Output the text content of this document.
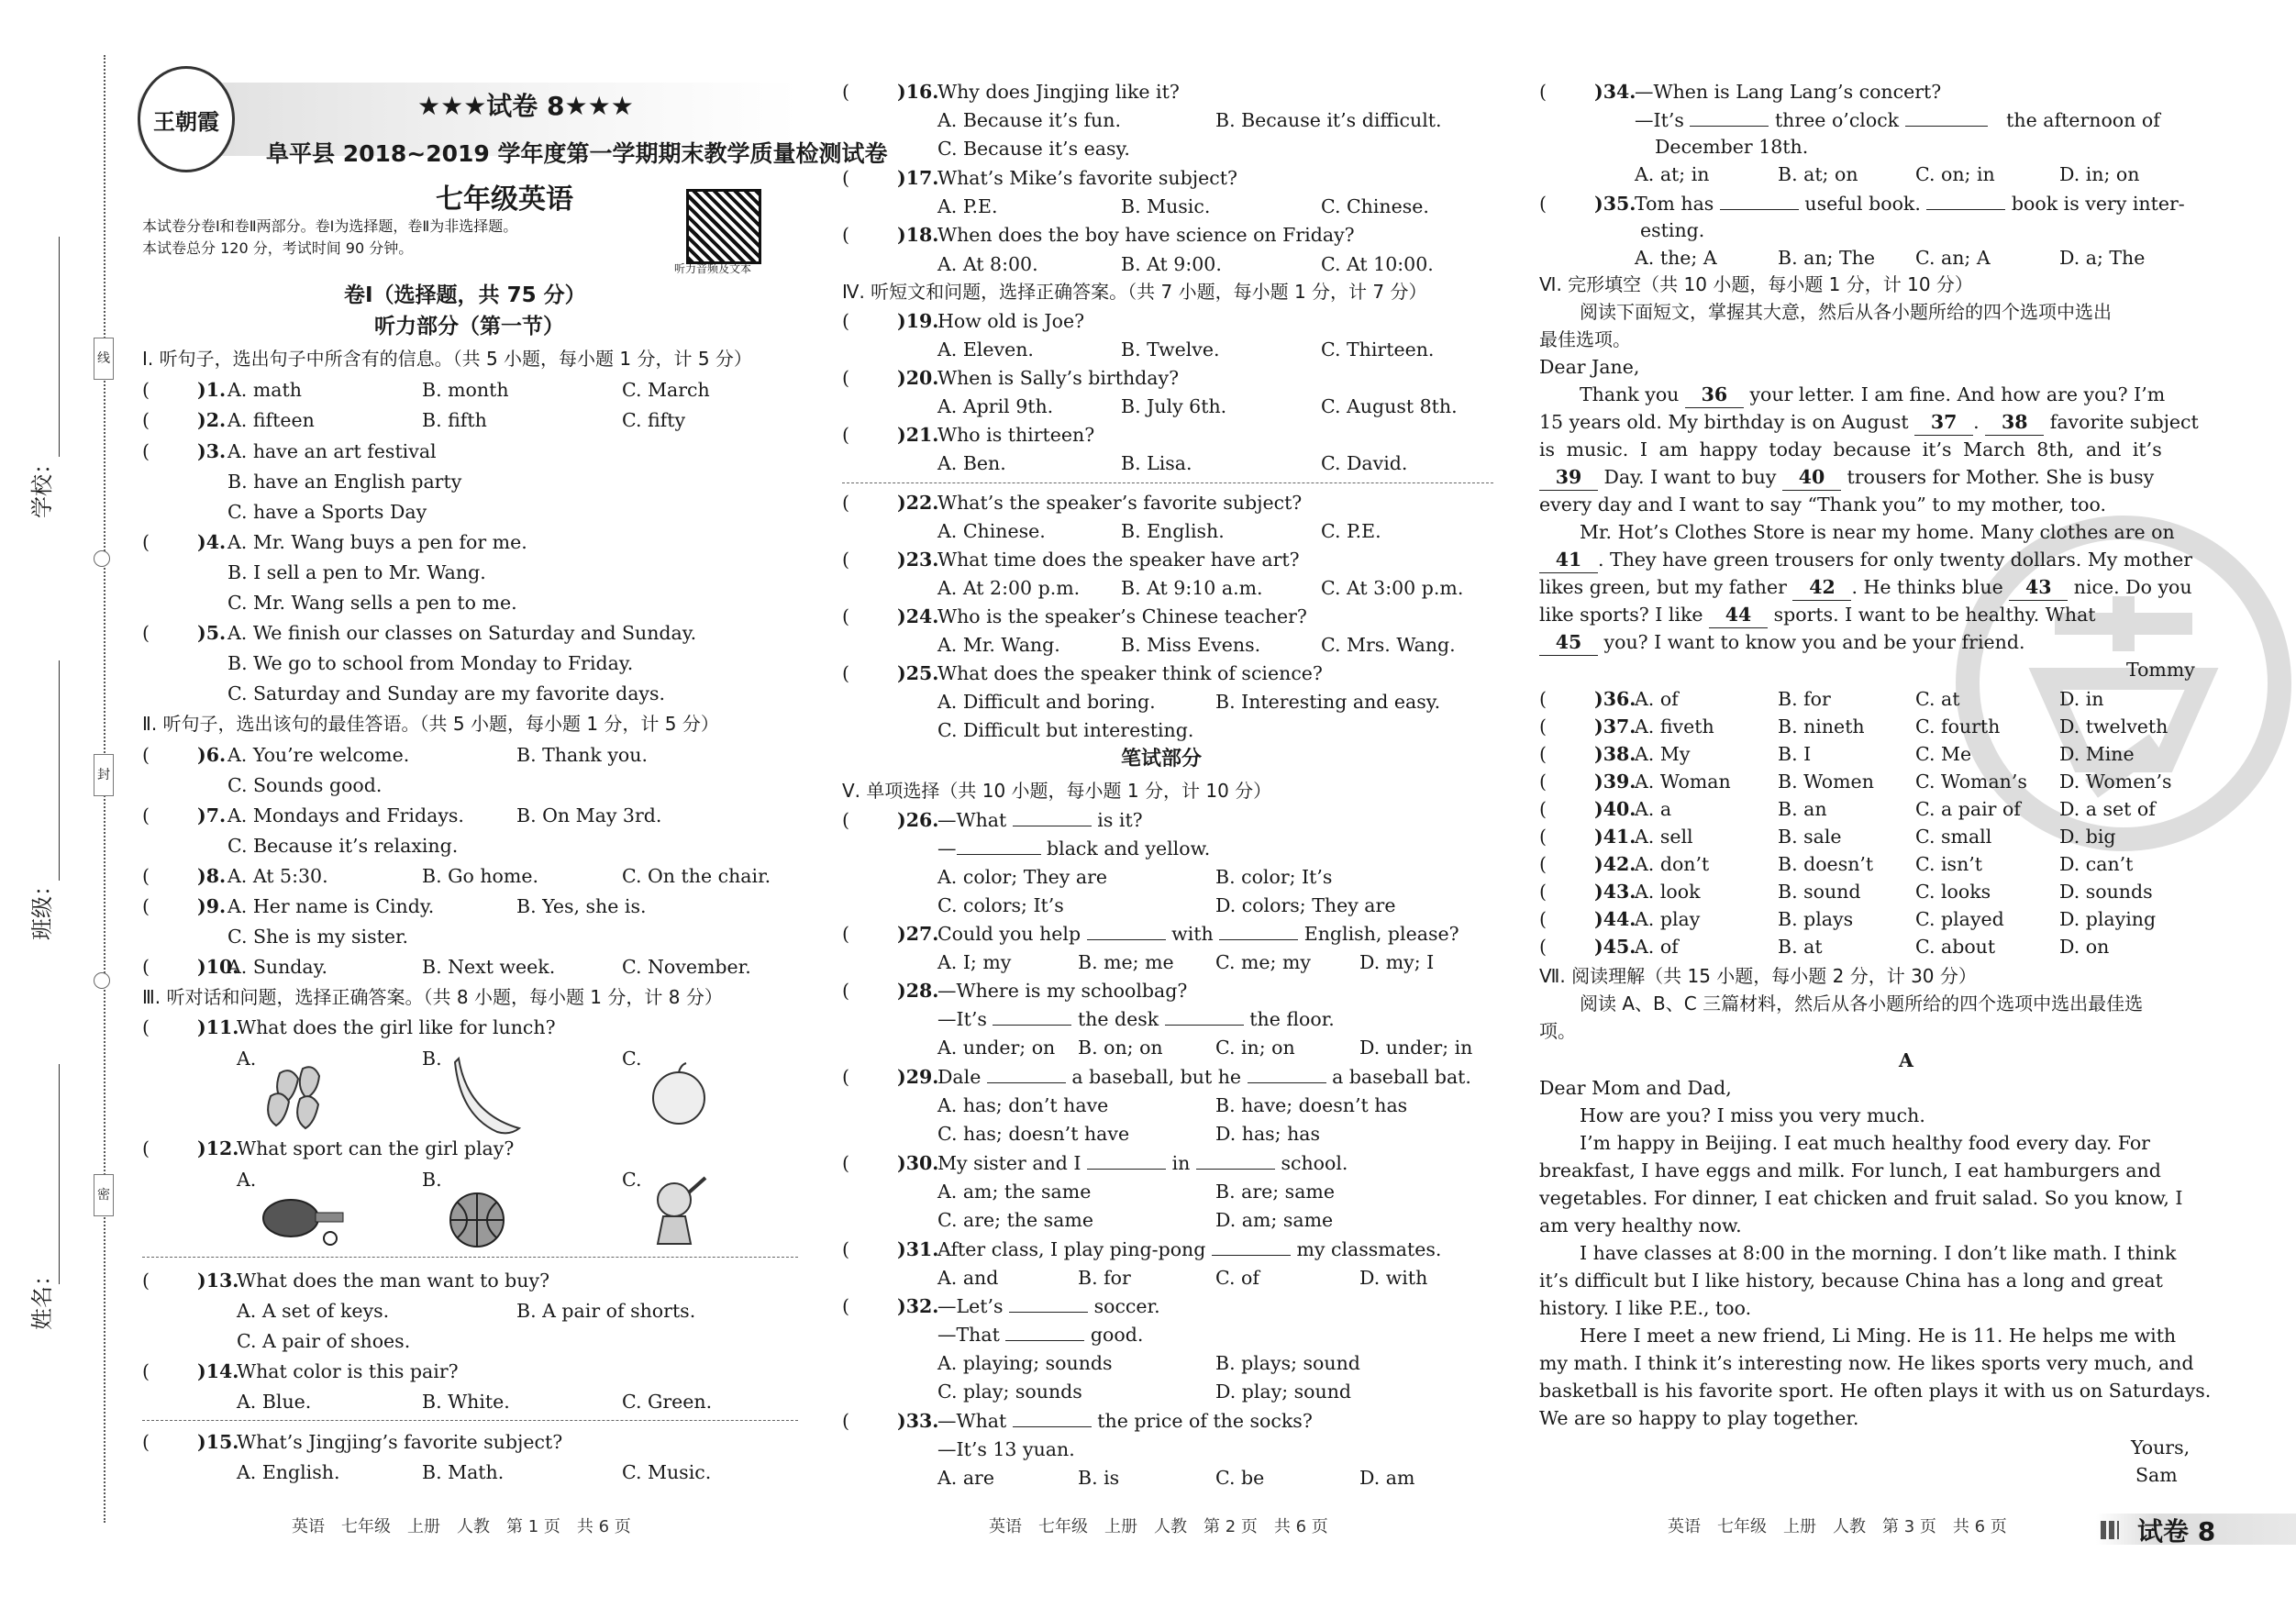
线
封
密
学校：
班级：
姓名：
王朝霞
★★★试卷 8★★★
阜平县 2018~2019 学年度第一学期期末教学质量检测试卷
七年级英语
本试卷分卷Ⅰ和卷Ⅱ两部分。卷Ⅰ为选择题，卷Ⅱ为非选择题。
本试卷总分 120 分，考试时间 90 分钟。
听力音频及文本
卷Ⅰ（选择题，共 75 分）
听力部分（第一节）
Ⅰ. 听句子，选出句子中所含有的信息。（共 5 小题，每小题 1 分，计 5 分）
(	)1. A. math	B. month	C. March
(	)2. A. fifteen	B. fifth	C. fifty
(	)3. A. have an art festival
B. have an English party
C. have a Sports Day
(	)4. A. Mr. Wang buys a pen for me.
B. I sell a pen to Mr. Wang.
C. Mr. Wang sells a pen to me.
(	)5. A. We finish our classes on Saturday and Sunday.
B. We go to school from Monday to Friday.
C. Saturday and Sunday are my favorite days.
Ⅱ. 听句子，选出该句的最佳答语。（共 5 小题，每小题 1 分，计 5 分）
(	)6. A. You’re welcome.	B. Thank you.
C. Sounds good.
(	)7. A. Mondays and Fridays.	B. On May 3rd.
C. Because it’s relaxing.
(	)8. A. At 5:30.	B. Go home.	C. On the chair.
(	)9. A. Her name is Cindy.	B. Yes, she is.
C. She is my sister.
(	)10.
A. Sunday.	B. Next week.	C. November.
Ⅲ. 听对话和问题，选择正确答案。（共 8 小题，每小题 1 分，计 8 分）
(	)11.
What does the girl like for lunch?
A.	B.	C.
(	)12.
What sport can the girl play?
A.	B.	C.
(	)13.
What does the man want to buy?
A. A set of keys.	B. A pair of shorts.
C. A pair of shoes.
(	)14.
What color is this pair?
A. Blue.	B. White.	C. Green.
(	)15.
What’s Jingjing’s favorite subject?
A. English.	B. Math.	C. Music.
英语　七年级　上册　人教　第 1 页　共 6 页
(	)16.
Why does Jingjing like it?
A. Because it’s fun.	B. Because it’s difficult.
C. Because it’s easy.
(	)17.
What’s Mike’s favorite subject?
A. P.E.	B. Music.	C. Chinese.
(	)18.
When does the boy have science on Friday?
A. At 8:00.	B. At 9:00.	C. At 10:00.
Ⅳ. 听短文和问题，选择正确答案。（共 7 小题，每小题 1 分，计 7 分）
(	)19.
How old is Joe?
A. Eleven.	B. Twelve.	C. Thirteen.
(	)20.
When is Sally’s birthday?
A. April 9th.	B. July 6th.	C. August 8th.
(	)21.
Who is thirteen?
A. Ben.	B. Lisa.	C. David.
(	)22.
What’s the speaker’s favorite subject?
A. Chinese.	B. English.	C. P.E.
(	)23.
What time does the speaker have art?
A. At 2:00 p.m. B. At 9:10 a.m.	C. At 3:00 p.m.
(	)24.
Who is the speaker’s Chinese teacher?
A. Mr. Wang.	B. Miss Evens.	C. Mrs. Wang.
(	)25.
What does the speaker think of science?
A. Difficult and boring.	B. Interesting and easy.
C. Difficult but interesting.
笔试部分
Ⅴ. 单项选择（共 10 小题，每小题 1 分，计 10 分）
(	)26.
—What	is it?
—	black and yellow.
A. color; They are	B. color; It’s
C. colors; It’s	D. colors; They are
(	)27.
Could you help	with	English, please?
A. I; my	B. me; me C. me; my	D. my; I
(	)28.
—Where is my schoolbag?
—It’s	the desk	the floor.
A. under; on B. on; on	C. in; on	D. under; in
(	)29.
Dale	a baseball, but he	a baseball bat.
A. has; don’t have	B. have; doesn’t has
C. has; doesn’t have	D. has; has
(	)30.
My sister and I	in	school.
A. am; the same	B. are; same
C. are; the same	D. am; same
(	)31.
After class, I play ping-pong	my classmates.
A. and	B. for	C. of	D. with
(	)32.
—Let’s	soccer.
—That	good.
A. playing; sounds	B. plays; sound
C. play; sounds	D. play; sound
(	)33.
—What	the price of the socks?
—It’s 13 yuan.
A. are	B. is	C. be	D. am
英语　七年级　上册　人教　第 2 页　共 6 页
(	)34.
—When is Lang Lang’s concert?
—It’s	three o’clock	the afternoon of
December 18th.
A. at; in	B. at; on	C. on; in	D. in; on
(	)35.
Tom has	useful book.	book is very inter-
esting.
A. the; A	B. an; The C. an; A	D. a; The
Ⅵ. 完形填空（共 10 小题，每小题 1 分，计 10 分）
阅读下面短文，掌握其大意，然后从各小题所给的四个选项中选出
最佳选项。
Dear Jane,
Thank you 36 your letter. I am fine. And how are you? I’m
15 years old. My birthday is on August 37 . 38 favorite subject
is music. I am happy today because it’s March 8th, and it’s
39 Day. I want to buy 40 trousers for Mother. She is busy
every day and I want to say “Thank you” to my mother, too.
Mr. Hot’s Clothes Store is near my home. Many clothes are on
41 . They have green trousers for only twenty dollars. My mother
likes green, but my father 42 . He thinks blue 43 nice. Do you
like sports? I like 44 sports. I want to be healthy. What
45 you? I want to know you and be your friend.
Tommy
(	)36.
A. of	B. for	C. at	D. in
(	)37.
A. fiveth	B. nineth	C. fourth	D. twelveth
(	)38.
A. My	B. I	C. Me	D. Mine
(	)39.
A. Woman	B. Women C. Woman’s D. Women’s
(	)40.
A. a	B. an	C. a pair of D. a set of
(	)41.
A. sell	B. sale	C. small	D. big
(	)42.
A. don’t	B. doesn’t C. isn’t	D. can’t
(	)43.
A. look	B. sound	C. looks	D. sounds
(	)44.
A. play	B. plays	C. played	D. playing
(	)45.
A. of	B. at	C. about	D. on
Ⅶ. 阅读理解（共 15 小题，每小题 2 分，计 30 分）
阅读 A、B、C 三篇材料，然后从各小题所给的四个选项中选出最佳选
项。
A
Dear Mom and Dad,
How are you? I miss you very much.
I’m happy in Beijing. I eat much healthy food every day. For
breakfast, I have eggs and milk. For lunch, I eat hamburgers and
vegetables. For dinner, I eat chicken and fruit salad. So you know, I
am very healthy now.
I have classes at 8:00 in the morning. I don’t like math. I think
it’s difficult but I like history, because China has a long and great
history. I like P.E., too.
Here I meet a new friend, Li Ming. He is 11. He helps me with
my math. I think it’s interesting now. He likes sports very much, and
basketball is his favorite sport. He often plays it with us on Saturdays.
We are so happy to play together.
Yours,
Sam
英语　七年级　上册　人教　第 3 页　共 6 页	试卷 8
